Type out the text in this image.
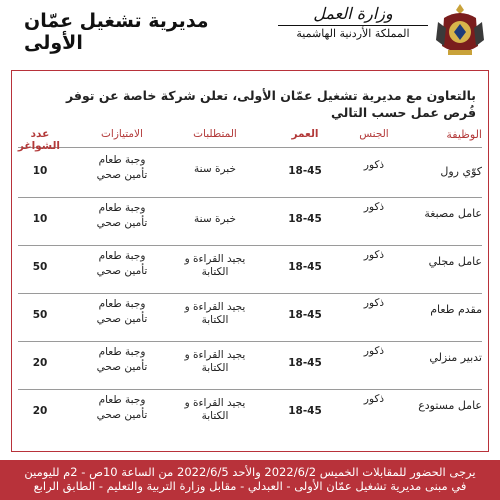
مديرية تشغيل عمّان الأولى
وزارة العمل
المملكة الأردنية الهاشمية
بالتعاون مع مديرية تشغيل عمّان الأولى، تعلن شركة خاصة عن توفر فُرص عمل حسب التالي
الوظيفة
الجنس
العمر
المتطلبات
الامتيازات
عدد الشواغر
كوّي رول
ذكور
18-45
خبرة سنة
وجبة طعام
تأمين صحي
10
عامل مصبغة
ذكور
18-45
خبرة سنة
وجبة طعام
تأمين صحي
10
عامل مجلي
ذكور
18-45
يجيد القراءة و الكتابة
وجبة طعام
تأمين صحي
50
مقدم طعام
ذكور
18-45
يجيد القراءة و الكتابة
وجبة طعام
تأمين صحي
50
تدبير منزلي
ذكور
18-45
يجيد القراءة و الكتابة
وجبة طعام
تأمين صحي
20
عامل مستودع
ذكور
18-45
يجيد القراءة و الكتابة
وجبة طعام
تأمين صحي
20
يرجى الحضور للمقابلات الخميس 2022/6/2 والأحد 2022/6/5 من الساعة 10ص - 2م لليومين
في مبنى مديرية تشغيل عمّان الأولى - العبدلي - مقابل وزارة التربية والتعليم - الطابق الرابع
